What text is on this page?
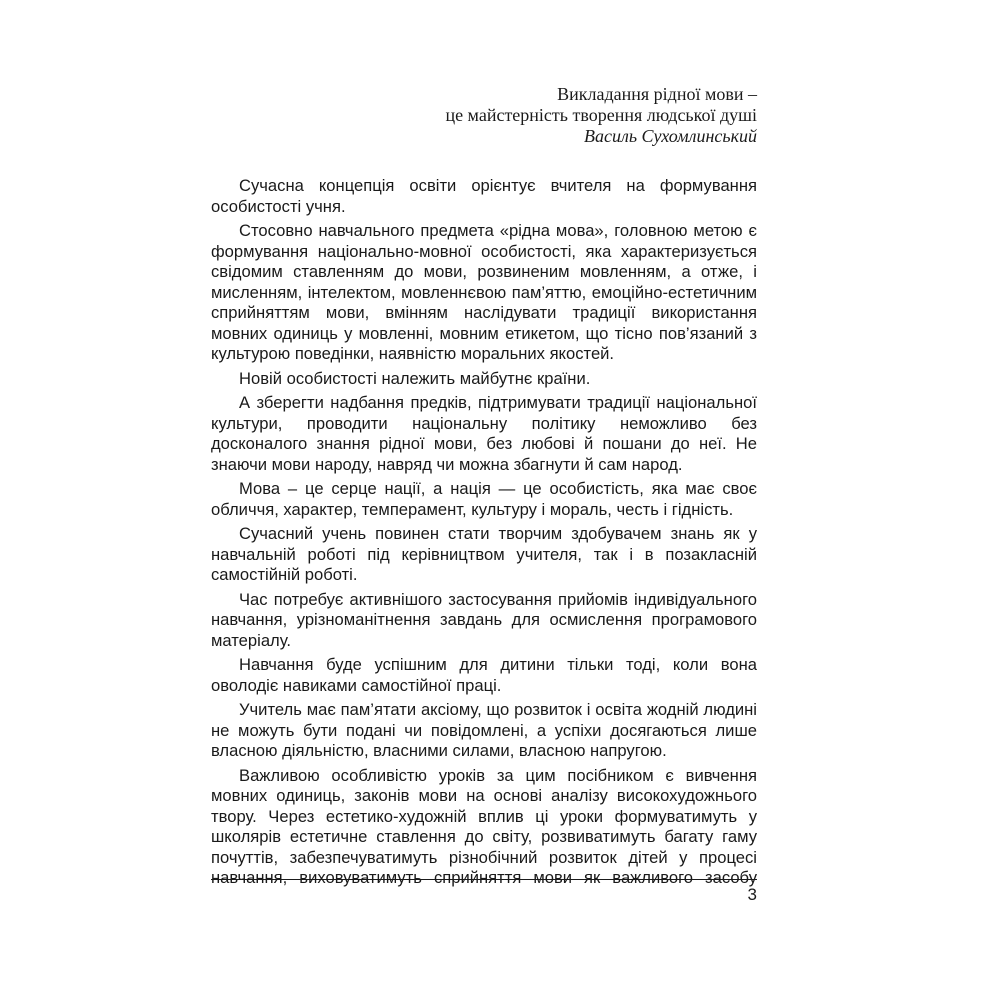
Викладання рідної мови –
це майстерність творення людської душі
Василь Сухомлинський

Сучасна концепція освіти орієнтує вчителя на формування особистості учня.

Стосовно навчального предмета «рідна мова», головною метою є формування національно-мовної особистості, яка характеризується свідомим ставленням до мови, розвиненим мовленням, а отже, і мисленням, інтелектом, мовленнєвою пам’яттю, емоційно-естетичним сприйняттям мови, вмінням наслідувати традиції використання мовних одиниць у мовленні, мовним етикетом, що тісно пов’язаний з культурою поведінки, наявністю моральних якостей.

Новій особистості належить майбутнє країни.

А зберегти надбання предків, підтримувати традиції національної культури, проводити національну політику неможливо без досконалого знання рідної мови, без любові й пошани до неї. Не знаючи мови народу, навряд чи можна збагнути й сам народ.

Мова – це серце нації, а нація — це особистість, яка має своє обличчя, характер, темперамент, культуру і мораль, честь і гідність.

Сучасний учень повинен стати творчим здобувачем знань як у навчальній роботі під керівництвом учителя, так і в позакласній самостійній роботі.

Час потребує активнішого застосування прийомів індивідуального навчання, урізноманітнення завдань для осмислення програмового матеріалу.

Навчання буде успішним для дитини тільки тоді, коли вона оволодіє навиками самостійної праці.

Учитель має пам’ятати аксіому, що розвиток і освіта жодній людині не можуть бути подані чи повідомлені, а успіхи досягаються лише власною діяльністю, власними силами, власною напругою.

Важливою особливістю уроків за цим посібником є вивчення мовних одиниць, законів мови на основі аналізу високохудожнього твору. Через естетико-художній вплив ці уроки формуватимуть у школярів естетичне ставлення до світу, розвиватимуть багату гаму почуттів, забезпечуватимуть різнобічний розвиток дітей у процесі навчання, виховуватимуть сприйняття мови як важливого засобу

3
